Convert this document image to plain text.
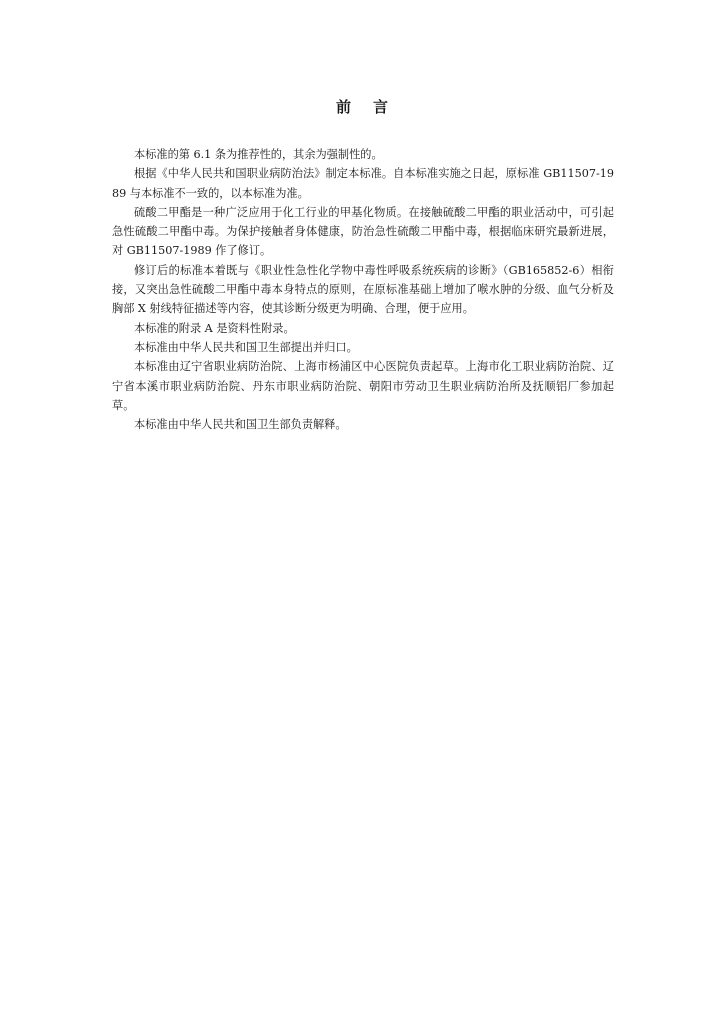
前 言

本标准的第 6.1 条为推荐性的，其余为强制性的。

根据《中华人民共和国职业病防治法》制定本标准。自本标准实施之日起，原标准 GB11507-1989 与本标准不一致的，以本标准为准。

硫酸二甲酯是一种广泛应用于化工行业的甲基化物质。在接触硫酸二甲酯的职业活动中，可引起急性硫酸二甲酯中毒。为保护接触者身体健康，防治急性硫酸二甲酯中毒，根据临床研究最新进展，对 GB11507-1989 作了修订。

修订后的标准本着既与《职业性急性化学物中毒性呼吸系统疾病的诊断》（GB165852-6）相衔接，又突出急性硫酸二甲酯中毒本身特点的原则，在原标准基础上增加了喉水肿的分级、血气分析及胸部 X 射线特征描述等内容，使其诊断分级更为明确、合理，便于应用。

本标准的附录 A 是资料性附录。

本标准由中华人民共和国卫生部提出并归口。

本标准由辽宁省职业病防治院、上海市杨浦区中心医院负责起草。上海市化工职业病防治院、辽宁省本溪市职业病防治院、丹东市职业病防治院、朝阳市劳动卫生职业病防治所及抚顺铝厂参加起草。

本标准由中华人民共和国卫生部负责解释。
